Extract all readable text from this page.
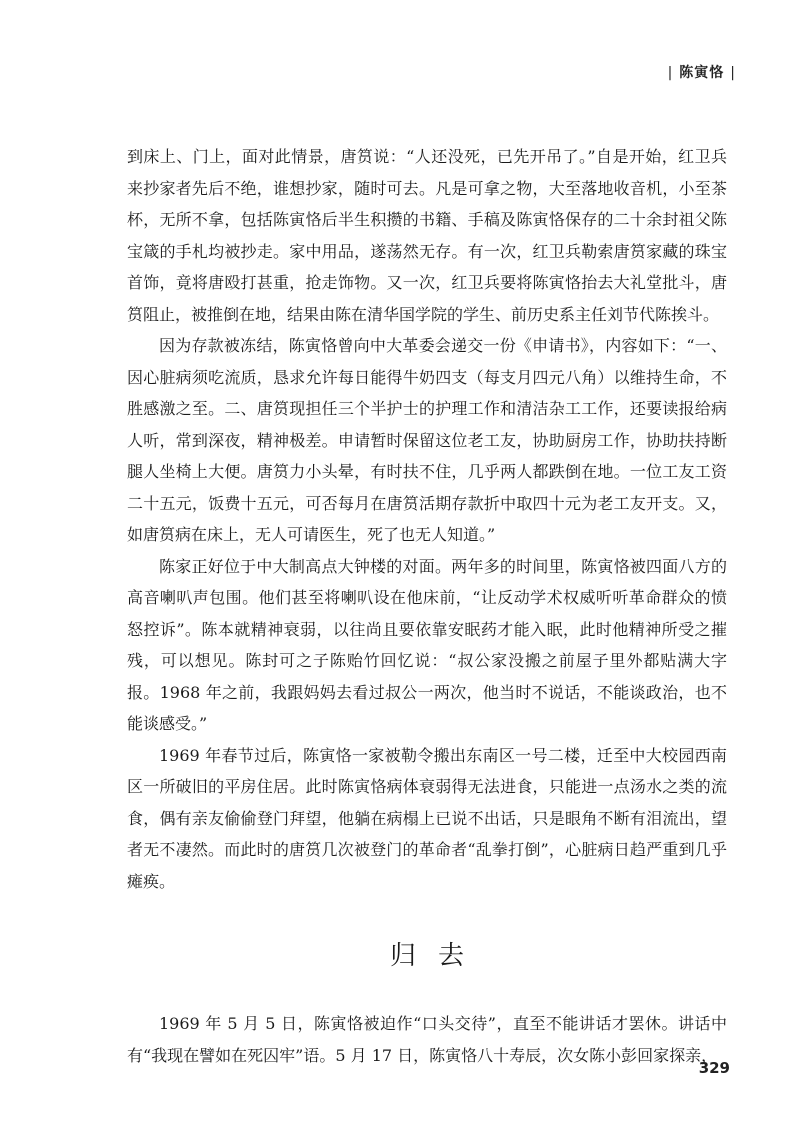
| 陈寅恪 |

到床上、门上，面对此情景，唐筼说：“人还没死，已先开吊了。”自是开始，红卫兵来抄家者先后不绝，谁想抄家，随时可去。凡是可拿之物，大至落地收音机，小至茶杯，无所不拿，包括陈寅恪后半生积攒的书籍、手稿及陈寅恪保存的二十余封祖父陈宝箴的手札均被抄走。家中用品，遂荡然无存。有一次，红卫兵勒索唐筼家藏的珠宝首饰，竟将唐殴打甚重，抢走饰物。又一次，红卫兵要将陈寅恪抬去大礼堂批斗，唐筼阻止，被推倒在地，结果由陈在清华国学院的学生、前历史系主任刘节代陈挨斗。

因为存款被冻结，陈寅恪曾向中大革委会递交一份《申请书》，内容如下：“一、因心脏病须吃流质，恳求允许每日能得牛奶四支（每支月四元八角）以维持生命，不胜感激之至。二、唐筼现担任三个半护士的护理工作和清洁杂工工作，还要读报给病人听，常到深夜，精神极差。申请暂时保留这位老工友，协助厨房工作，协助扶持断腿人坐椅上大便。唐筼力小头晕，有时扶不住，几乎两人都跌倒在地。一位工友工资二十五元，饭费十五元，可否每月在唐筼活期存款折中取四十元为老工友开支。又，如唐筼病在床上，无人可请医生，死了也无人知道。”

陈家正好位于中大制高点大钟楼的对面。两年多的时间里，陈寅恪被四面八方的高音喇叭声包围。他们甚至将喇叭设在他床前，“让反动学术权威听听革命群众的愤怒控诉”。陈本就精神衰弱，以往尚且要依靠安眠药才能入眠，此时他精神所受之摧残，可以想见。陈封可之子陈贻竹回忆说：“叔公家没搬之前屋子里外都贴满大字报。1968 年之前，我跟妈妈去看过叔公一两次，他当时不说话，不能谈政治，也不能谈感受。”

1969 年春节过后，陈寅恪一家被勒令搬出东南区一号二楼，迁至中大校园西南区一所破旧的平房住居。此时陈寅恪病体衰弱得无法进食，只能进一点汤水之类的流食，偶有亲友偷偷登门拜望，他躺在病榻上已说不出话，只是眼角不断有泪流出，望者无不凄然。而此时的唐筼几次被登门的革命者“乱拳打倒”，心脏病日趋严重到几乎瘫痪。

归去

1969 年 5 月 5 日，陈寅恪被迫作“口头交待”，直至不能讲话才罢休。讲话中有“我现在譬如在死囚牢”语。5 月 17 日，陈寅恪八十寿辰，次女陈小彭回家探亲，

329
